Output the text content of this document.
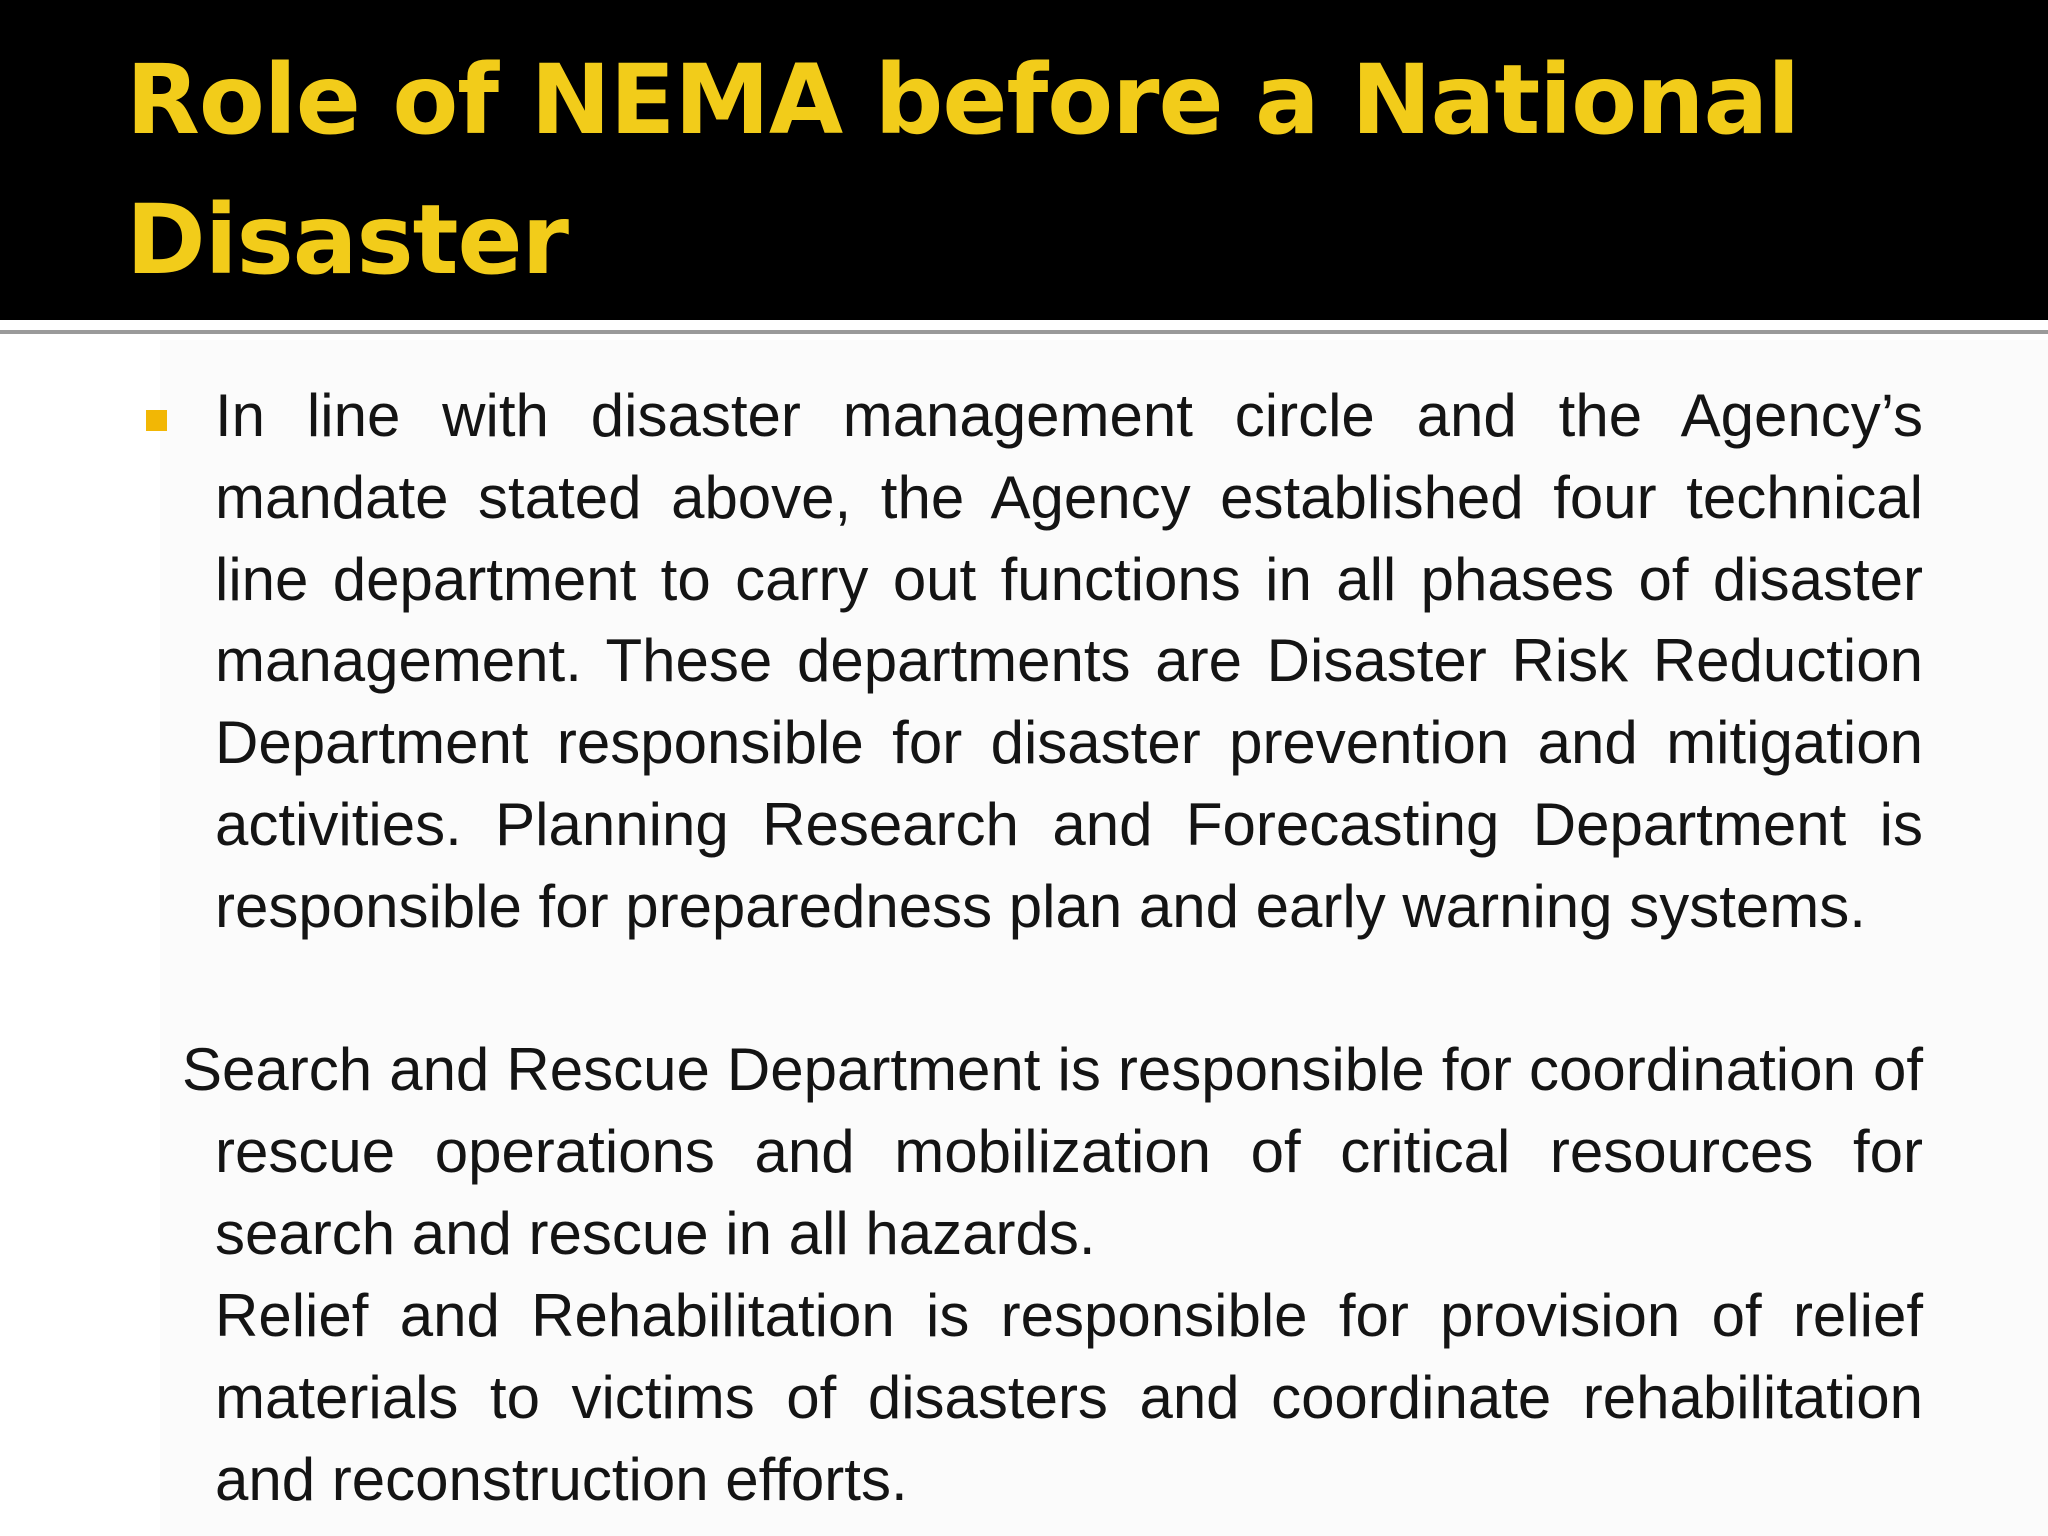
Role of NEMA before a National Disaster

In line with disaster management circle and the Agency’s mandate stated above, the Agency established four technical line department to carry out functions in all phases of disaster management. These departments are Disaster Risk Reduction Department responsible for disaster prevention and mitigation activities. Planning Research and Forecasting Department is responsible for preparedness plan and early warning systems.

Search and Rescue Department is responsible for coordination of rescue operations and mobilization of critical resources for search and rescue in all hazards.

Relief and Rehabilitation is responsible for provision of relief materials to victims of disasters and coordinate rehabilitation and reconstruction efforts.
